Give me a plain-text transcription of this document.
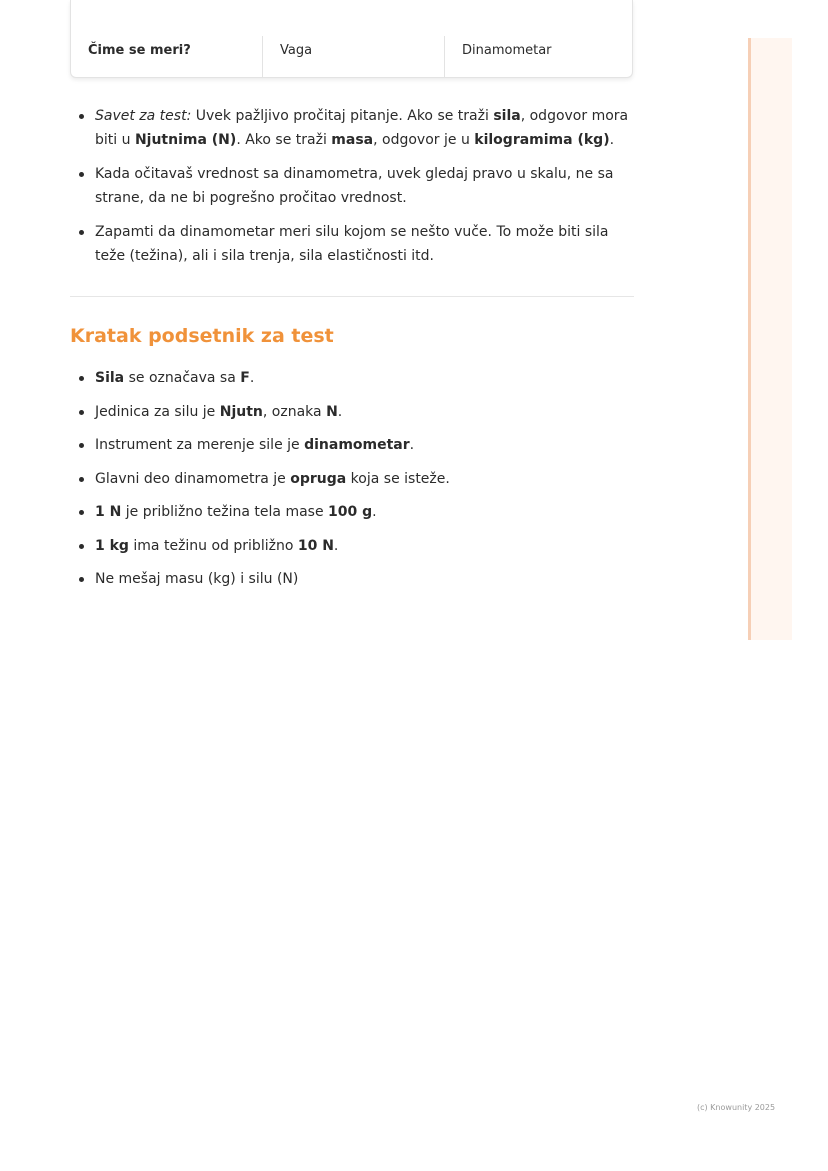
Čime se meri?	Vaga	Dinamometar
Savet za test: Uvek pažljivo pročitaj pitanje. Ako se traži sila, odgovor mora biti u Njutnima (N). Ako se traži masa, odgovor je u kilogramima (kg).
Kada očitavaš vrednost sa dinamometra, uvek gledaj pravo u skalu, ne sa strane, da ne bi pogrešno pročitao vrednost.
Zapamti da dinamometar meri silu kojom se nešto vuče. To može biti sila teže (težina), ali i sila trenja, sila elastičnosti itd.
Kratak podsetnik za test
Sila se označava sa F.
Jedinica za silu je Njutn, oznaka N.
Instrument za merenje sile je dinamometar.
Glavni deo dinamometra je opruga koja se isteže.
1 N je približno težina tela mase 100 g.
1 kg ima težinu od približno 10 N.
Ne mešaj masu (kg) i silu (N)
(c) Knowunity 2025
